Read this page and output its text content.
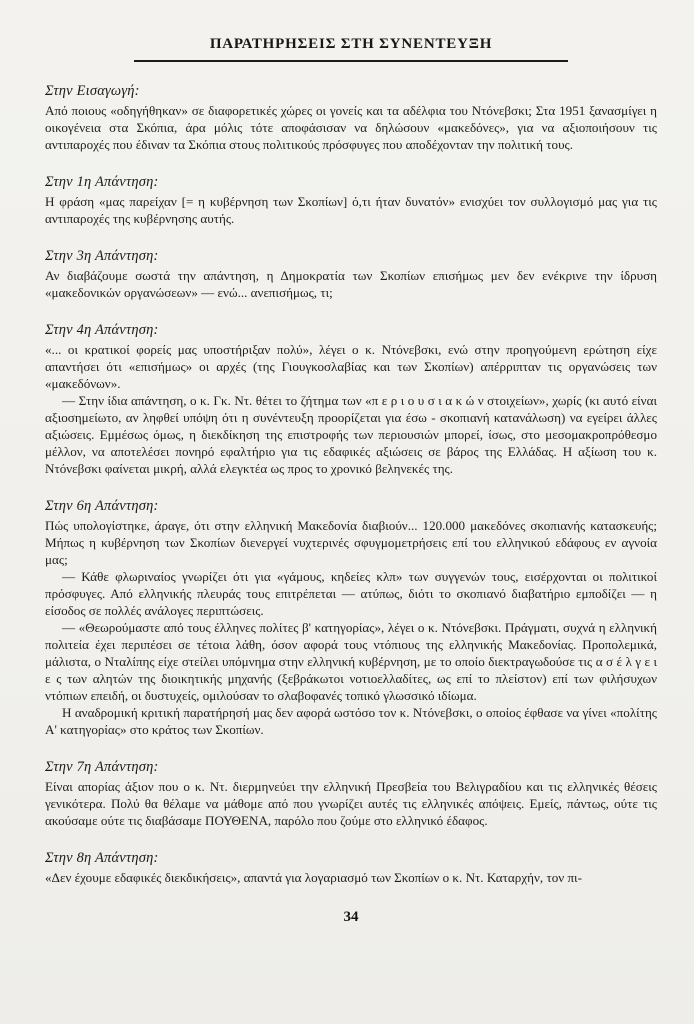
ΠΑΡΑΤΗΡΗΣΕΙΣ ΣΤΗ ΣΥΝΕΝΤΕΥΞΗ
Στην Εισαγωγή:

Από ποιους «οδηγήθηκαν» σε διαφορετικές χώρες οι γονείς και τα αδέλφια του Ντόνεβσκι; Στα 1951 ξανασμίγει η οικογένεια στα Σκόπια, άρα μόλις τότε αποφάσισαν να δηλώσουν «μακεδόνες», για να αξιοποιήσουν τις αντιπαροχές που έδιναν τα Σκόπια στους πολιτικούς πρόσφυγες που αποδέχονταν την πολιτική τους.

Στην 1η Απάντηση:

Η φράση «μας παρείχαν [= η κυβέρνηση των Σκοπίων] ό,τι ήταν δυνατόν» ενισχύει τον συλλογισμό μας για τις αντιπαροχές της κυβέρνησης αυτής.

Στην 3η Απάντηση:

Αν διαβάζουμε σωστά την απάντηση, η Δημοκρατία των Σκοπίων επισήμως μεν δεν ενέκρινε την ίδρυση «μακεδονικών οργανώσεων» — ενώ... ανεπισήμως, τι;

Στην 4η Απάντηση:

«... οι κρατικοί φορείς μας υποστήριξαν πολύ», λέγει ο κ. Ντόνεβσκι, ενώ στην προηγούμενη ερώτηση είχε απαντήσει ότι «επισήμως» οι αρχές (της Γιουγκοσλαβίας και των Σκοπίων) απέρριπταν τις οργανώσεις των «μακεδόνων».

— Στην ίδια απάντηση, ο κ. Γκ. Ντ. θέτει το ζήτημα των «π ε ρ ι ο υ σ ι α κ ώ ν στοιχείων», χωρίς (κι αυτό είναι αξιοσημείωτο, αν ληφθεί υπόψη ότι η συνέντευξη προορίζεται για έσω - σκοπιανή κατανάλωση) να εγείρει άλλες αξιώσεις. Εμμέσως όμως, η διεκδίκηση της επιστροφής των περιουσιών μπορεί, ίσως, στο μεσομακροπρόθεσμο μέλλον, να αποτελέσει πονηρό εφαλτήριο για τις εδαφικές αξιώσεις σε βάρος της Ελλάδας. Η αξίωση του κ. Ντόνεβσκι φαίνεται μικρή, αλλά ελεγκτέα ως προς το χρονικό βεληνεκές της.

Στην 6η Απάντηση:

Πώς υπολογίστηκε, άραγε, ότι στην ελληνική Μακεδονία διαβιούν... 120.000 μακεδόνες σκοπιανής κατασκευής; Μήπως η κυβέρνηση των Σκοπίων διενεργεί νυχτερινές σφυγμομετρήσεις επί του ελληνικού εδάφους εν αγνοία μας;

— Κάθε φλωριναίος γνωρίζει ότι για «γάμους, κηδείες κλπ» των συγγενών τους, εισέρχονται οι πολιτικοί πρόσφυγες. Από ελληνικής πλευράς τους επιτρέπεται — ατύπως, διότι το σκοπιανό διαβατήριο εμποδίζει — η είσοδος σε πολλές ανάλογες περιπτώσεις.

— «Θεωρούμαστε από τους έλληνες πολίτες β' κατηγορίας», λέγει ο κ. Ντόνεβσκι. Πράγματι, συχνά η ελληνική πολιτεία έχει περιπέσει σε τέτοια λάθη, όσον αφορά τους ντόπιους της ελληνικής Μακεδονίας. Προπολεμικά, μάλιστα, ο Νταλίπης είχε στείλει υπόμνημα στην ελληνική κυβέρνηση, με το οποίο διεκτραγωδούσε τις α σ έ λ γ ε ι ε ς των αλητών της διοικητικής μηχανής (ξεβράκωτοι νοτιοελλαδίτες, ως επί το πλείστον) επί των φιλήσυχων ντόπιων επειδή, οι δυστυχείς, ομιλούσαν το σλαβοφανές τοπικό γλωσσικό ιδίωμα.

Η αναδρομική κριτική παρατήρησή μας δεν αφορά ωστόσο τον κ. Ντόνεβσκι, ο οποίος έφθασε να γίνει «πολίτης Α' κατηγορίας» στο κράτος των Σκοπίων.

Στην 7η Απάντηση:

Είναι απορίας άξιον που ο κ. Ντ. διερμηνεύει την ελληνική Πρεσβεία του Βελιγραδίου και τις ελληνικές θέσεις γενικότερα. Πολύ θα θέλαμε να μάθομε από που γνωρίζει αυτές τις ελληνικές απόψεις. Εμείς, πάντως, ούτε τις ακούσαμε ούτε τις διαβάσαμε ΠΟΥΘΕΝΑ, παρόλο που ζούμε στο ελληνικό έδαφος.

Στην 8η Απάντηση:

«Δεν έχουμε εδαφικές διεκδικήσεις», απαντά για λογαριασμό των Σκοπίων ο κ. Ντ. Καταρχήν, τον πι-

34
